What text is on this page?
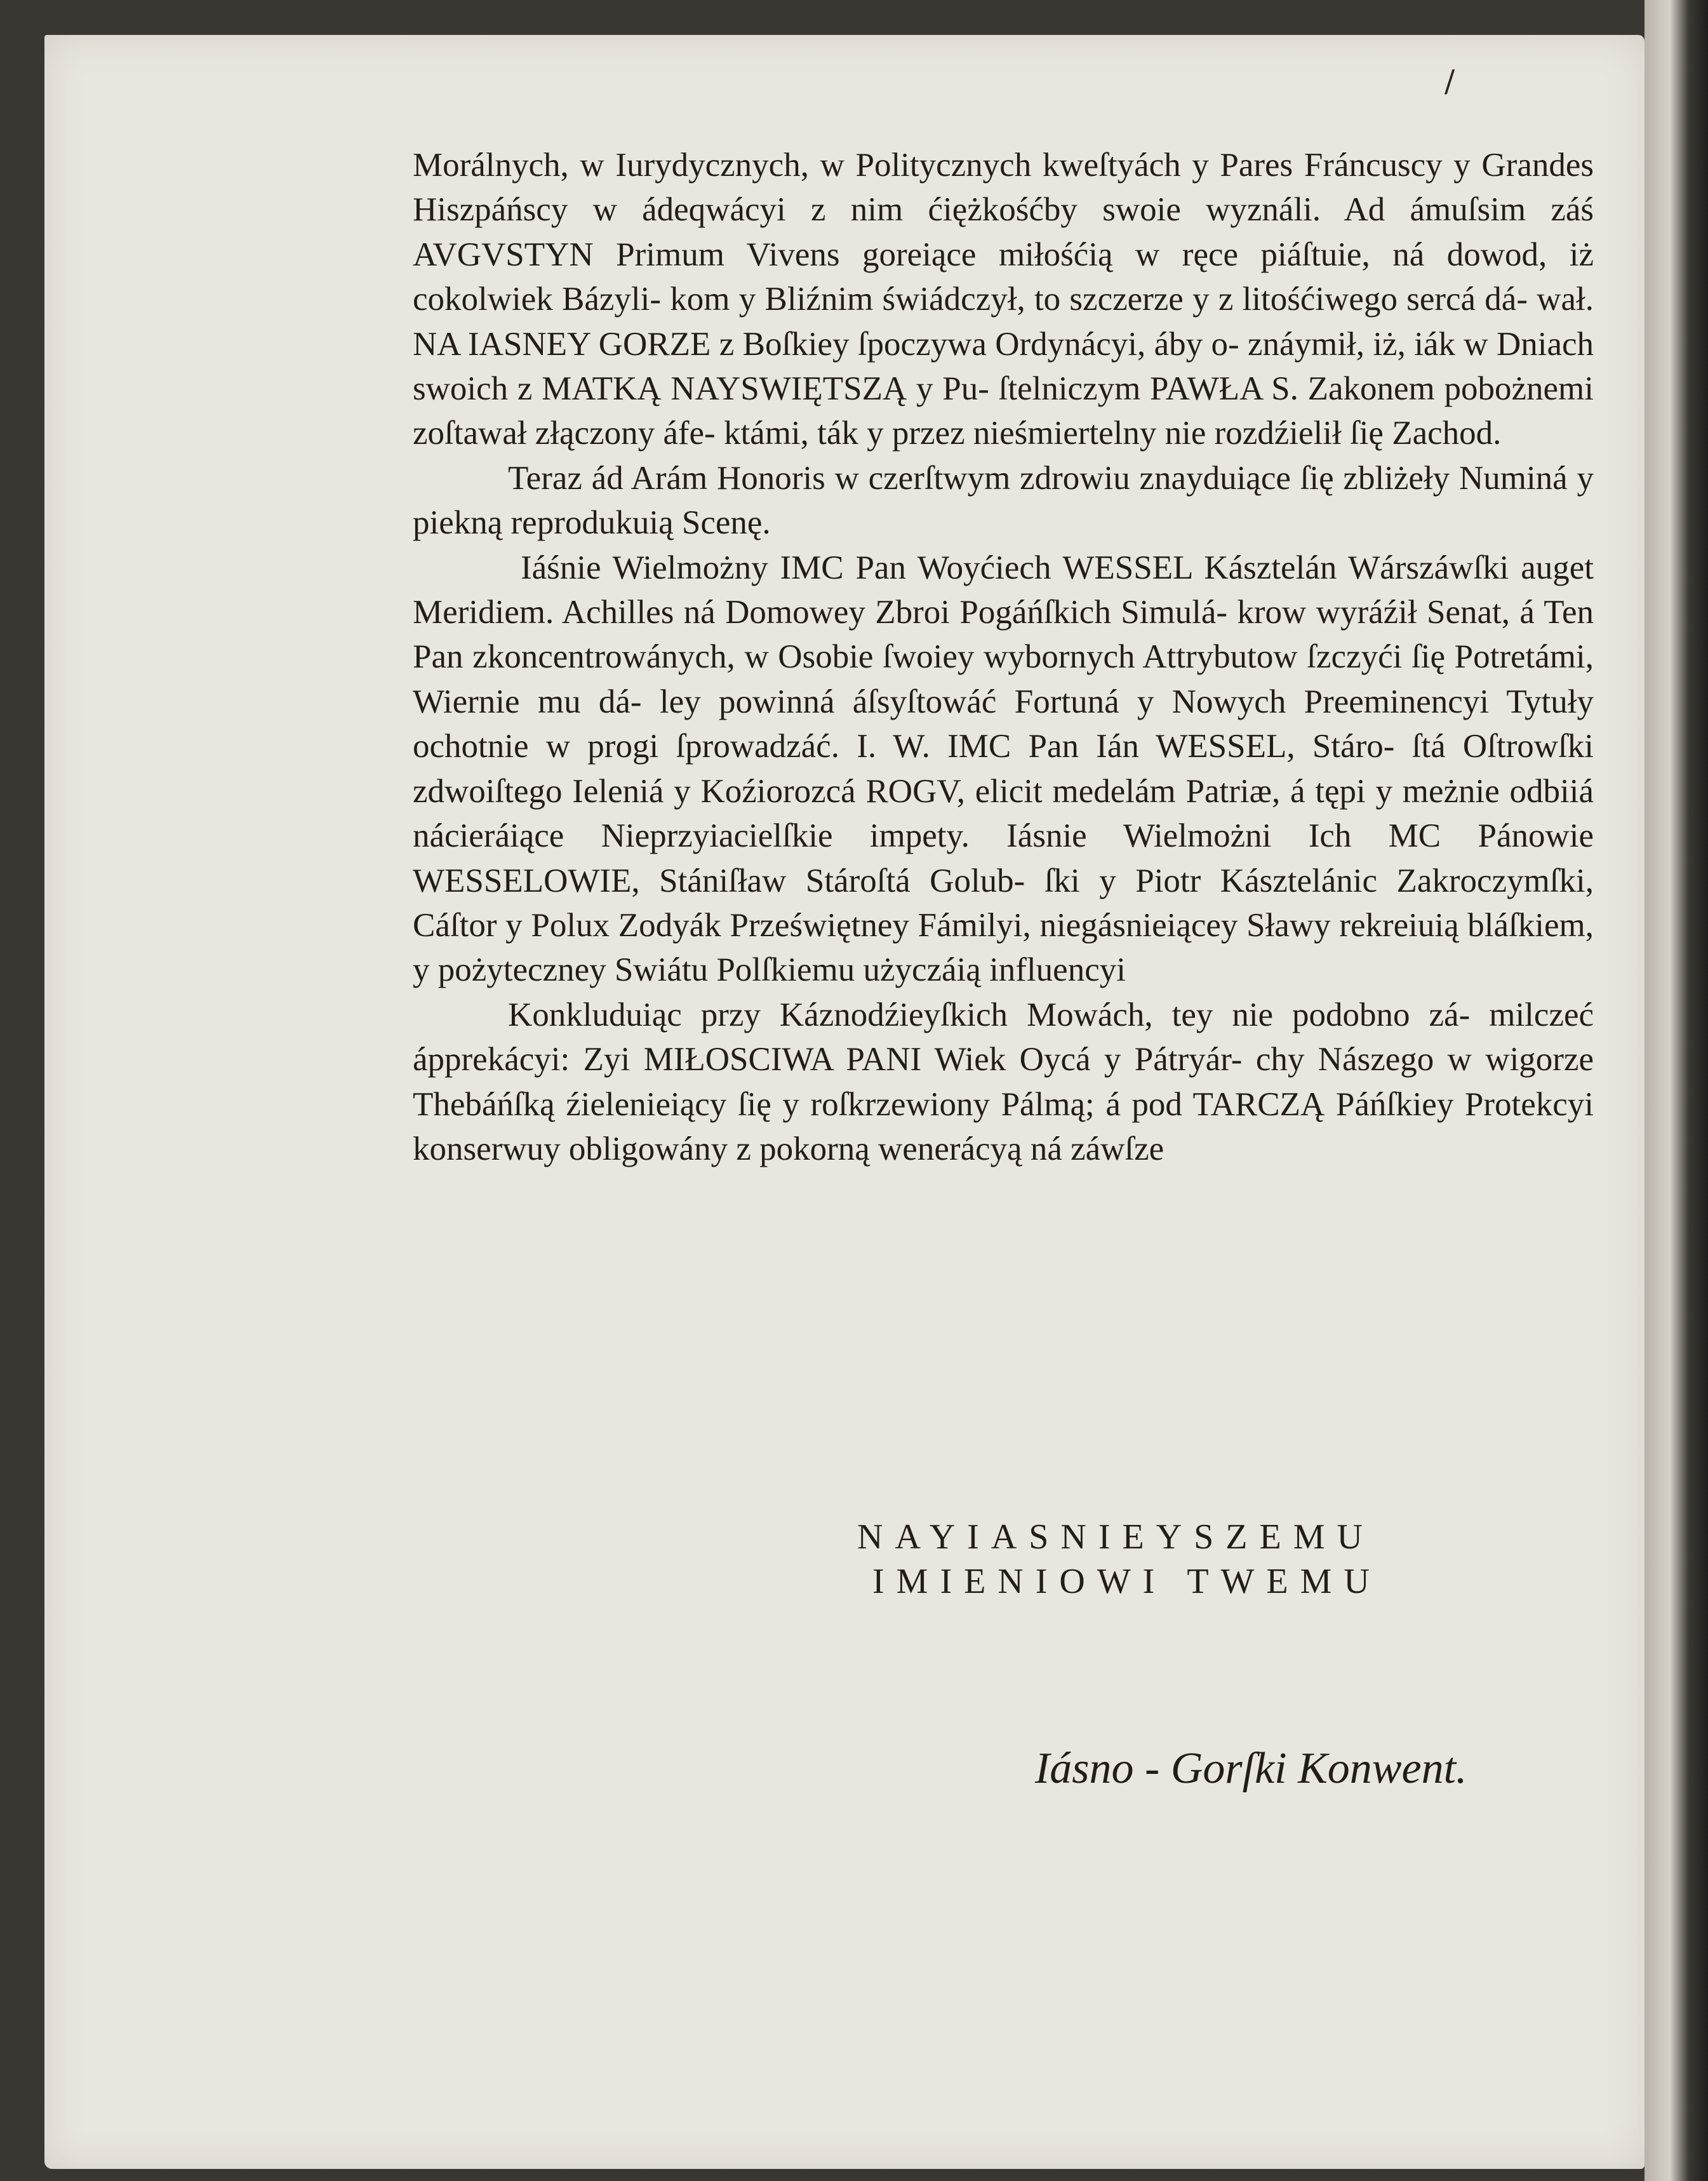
/

Morálnych, w Iurydycznych, w Politycznych kweſtyách y Pares Fráncuscy y Grandes Hiszpáńscy w ádeqwácyi z nim ćiężkośćby swoie wyználi. Ad ámuſsim záś AVGVSTYN Primum Vivens goreiące miłośćią w ręce piáſtuie, ná dowod, iż cokolwiek Bázyli- kom y Bliźnim świádczył, to szczerze y z litośćiwego sercá dá- wał. NA IASNEY GORZE z Boſkiey ſpoczywa Ordynácyi, áby o- znáymił, iż, iák w Dniach swoich z MATKĄ NAYSWIĘTSZĄ y Pu- ſtelniczym PAWŁA S. Zakonem pobożnemi zoſtawał złączony áfe- ktámi, ták y przez nieśmiertelny nie rozdźielił ſię Zachod.

Teraz ád Arám Honoris w czerſtwym zdrowiu znayduiące ſię zbliżeły Numiná y piekną reprodukuią Scenę.

Iáśnie Wielmożny IMC Pan Woyćiech WESSEL Kásztelán Wárszáwſki auget Meridiem. Achilles ná Domowey Zbroi Pogáńſkich Simulá- krow wyráźił Senat, á Ten Pan zkoncentrowánych, w Osobie ſwoiey wybornych Attrybutow ſzczyći ſię Potretámi, Wiernie mu dá- ley powinná áſsyſtowáć Fortuná y Nowych Preeminencyi Tytuły ochotnie w progi ſprowadzáć. I. W. IMC Pan Ián WESSEL, Stáro- ſtá Oſtrowſki zdwoiſtego Ieleniá y Koźiorozcá ROGV, elicit medelám Patriæ, á tępi y meżnie odbiiá nácieráiące Nieprzyiacielſkie impety. Iásnie Wielmożni Ich MC Pánowie WESSELOWIE, Stániſław Stároſtá Golub- ſki y Piotr Kásztelánic Zakroczymſki, Cáſtor y Polux Zodyák Przeświętney Fámilyi, niegásnieiącey Sławy rekreiuią bláſkiem, y pożyteczney Swiátu Polſkiemu użyczáią influencyi

Konkluduiąc przy Káznodźieyſkich Mowách, tey nie podobno zá- milczeć ápprekácyi: Zyi MIŁOSCIWA PANI Wiek Oycá y Pátryár- chy Nászego w wigorze Thebáńſką źielenieiący ſię y roſkrzewiony Pálmą; á pod TARCZĄ Páńſkiey Protekcyi konserwuy obligowány z pokorną wenerácyą ná záwſze

NAYIASNIEYSZEMU
IMIENIOWI TWEMU
Iásno - Gorſki Konwent.
